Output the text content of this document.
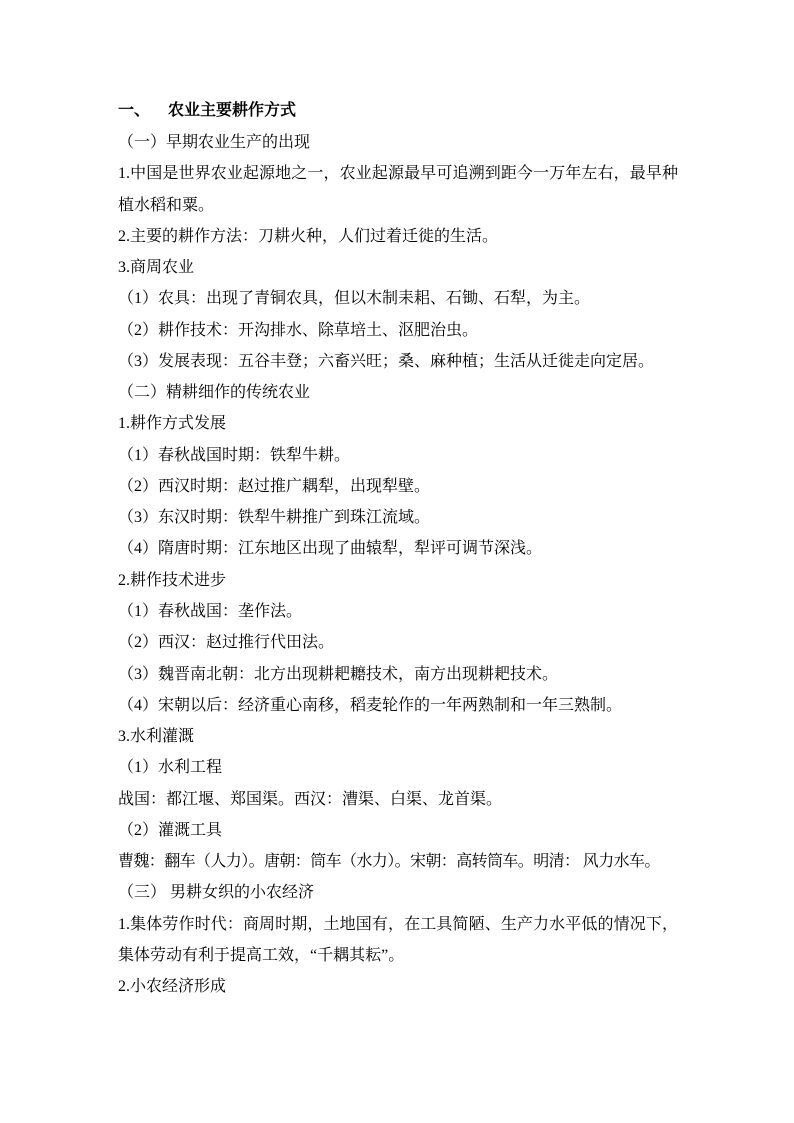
一、 农业主要耕作方式

（一）早期农业生产的出现

1.中国是世界农业起源地之一，农业起源最早可追溯到距今一万年左右，最早种植水稻和粟。

2.主要的耕作方法：刀耕火种，人们过着迁徙的生活。

3.商周农业

（1）农具：出现了青铜农具，但以木制耒耜、石锄、石犁，为主。

（2）耕作技术：开沟排水、除草培土、沤肥治虫。

（3）发展表现：五谷丰登；六畜兴旺；桑、麻种植；生活从迁徙走向定居。

（二）精耕细作的传统农业

1.耕作方式发展

（1）春秋战国时期：铁犁牛耕。

（2）西汉时期：赵过推广耦犁，出现犁壁。

（3）东汉时期：铁犁牛耕推广到珠江流域。

（4）隋唐时期：江东地区出现了曲辕犁，犁评可调节深浅。

2.耕作技术进步

（1）春秋战国：垄作法。

（2）西汉：赵过推行代田法。

（3）魏晋南北朝：北方出现耕耙耱技术，南方出现耕耙技术。

（4）宋朝以后：经济重心南移，稻麦轮作的一年两熟制和一年三熟制。

3.水利灌溉

（1）水利工程

战国：都江堰、郑国渠。西汉：漕渠、白渠、龙首渠。

（2）灌溉工具

曹魏：翻车（人力）。唐朝：筒车（水力）。宋朝：高转筒车。明清： 风力水车。

（三） 男耕女织的小农经济

1.集体劳作时代：商周时期，土地国有，在工具简陋、生产力水平低的情况下，集体劳动有利于提高工效，“千耦其耘”。

2.小农经济形成
